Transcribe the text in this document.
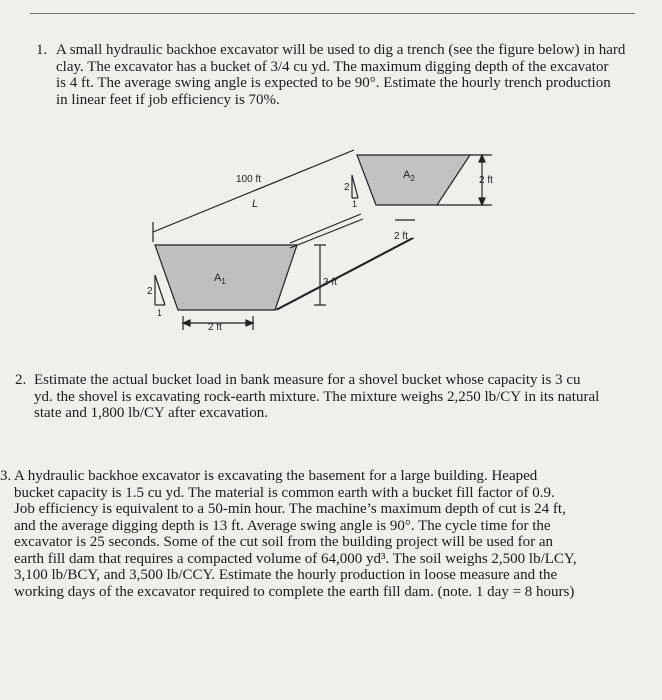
1. A small hydraulic backhoe excavator will be used to dig a trench (see the figure below) in hard
clay. The excavator has a bucket of 3/4 cu yd. The maximum digging depth of the excavator
is 4 ft. The average swing angle is expected to be 90°. Estimate the hourly trench production
in linear feet if job efficiency is 70%.
100 ft
L
3 ft
2 ft
2 ft
2 ft
$A_1$
$A_2$
2
1
2
1
2. Estimate the actual bucket load in bank measure for a shovel bucket whose capacity is 3 cu
yd. the shovel is excavating rock-earth mixture. The mixture weighs 2,250 lb/CY in its natural
state and 1,800 lb/CY after excavation.
3. A hydraulic backhoe excavator is excavating the basement for a large building. Heaped
bucket capacity is 1.5 cu yd. The material is common earth with a bucket fill factor of 0.9.
Job efficiency is equivalent to a 50-min hour. The machine’s maximum depth of cut is 24 ft,
and the average digging depth is 13 ft. Average swing angle is 90°. The cycle time for the
excavator is 25 seconds. Some of the cut soil from the building project will be used for an
earth fill dam that requires a compacted volume of 64,000 yd³. The soil weighs 2,500 lb/LCY,
3,100 lb/BCY, and 3,500 lb/CCY. Estimate the hourly production in loose measure and the
working days of the excavator required to complete the earth fill dam. (note. 1 day = 8 hours)
